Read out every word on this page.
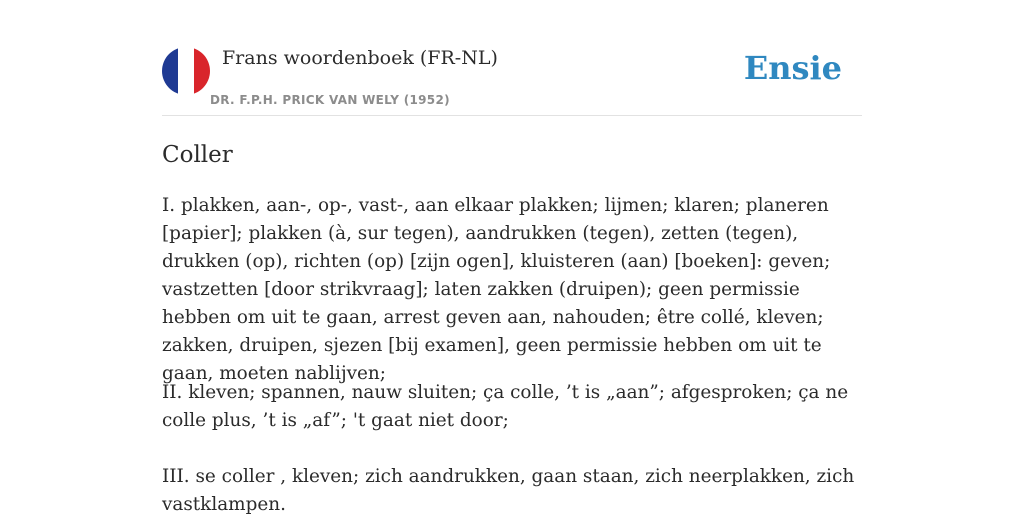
Frans woordenboek (FR-NL)
DR. F.P.H. PRICK VAN WELY (1952)
Ensie
Coller

I. plakken, aan-, op-, vast-, aan elkaar plakken; lijmen; klaren; planeren [papier]; plakken (à, sur tegen), aandrukken (tegen), zetten (tegen), drukken (op), richten (op) [zijn ogen], kluisteren (aan) [boeken]: geven; vastzetten [door strikvraag]; laten zakken (druipen); geen permissie hebben om uit te gaan, arrest geven aan, nahouden; être collé, kleven; zakken, druipen, sjezen [bij examen], geen permissie hebben om uit te gaan, moeten nablijven;

II. kleven; spannen, nauw sluiten; ça colle, ’t is „aan”; afgesproken; ça ne colle plus, ’t is „af”; 't gaat niet door;

III. se coller , kleven; zich aandrukken, gaan staan, zich neerplakken, zich vastklampen.
